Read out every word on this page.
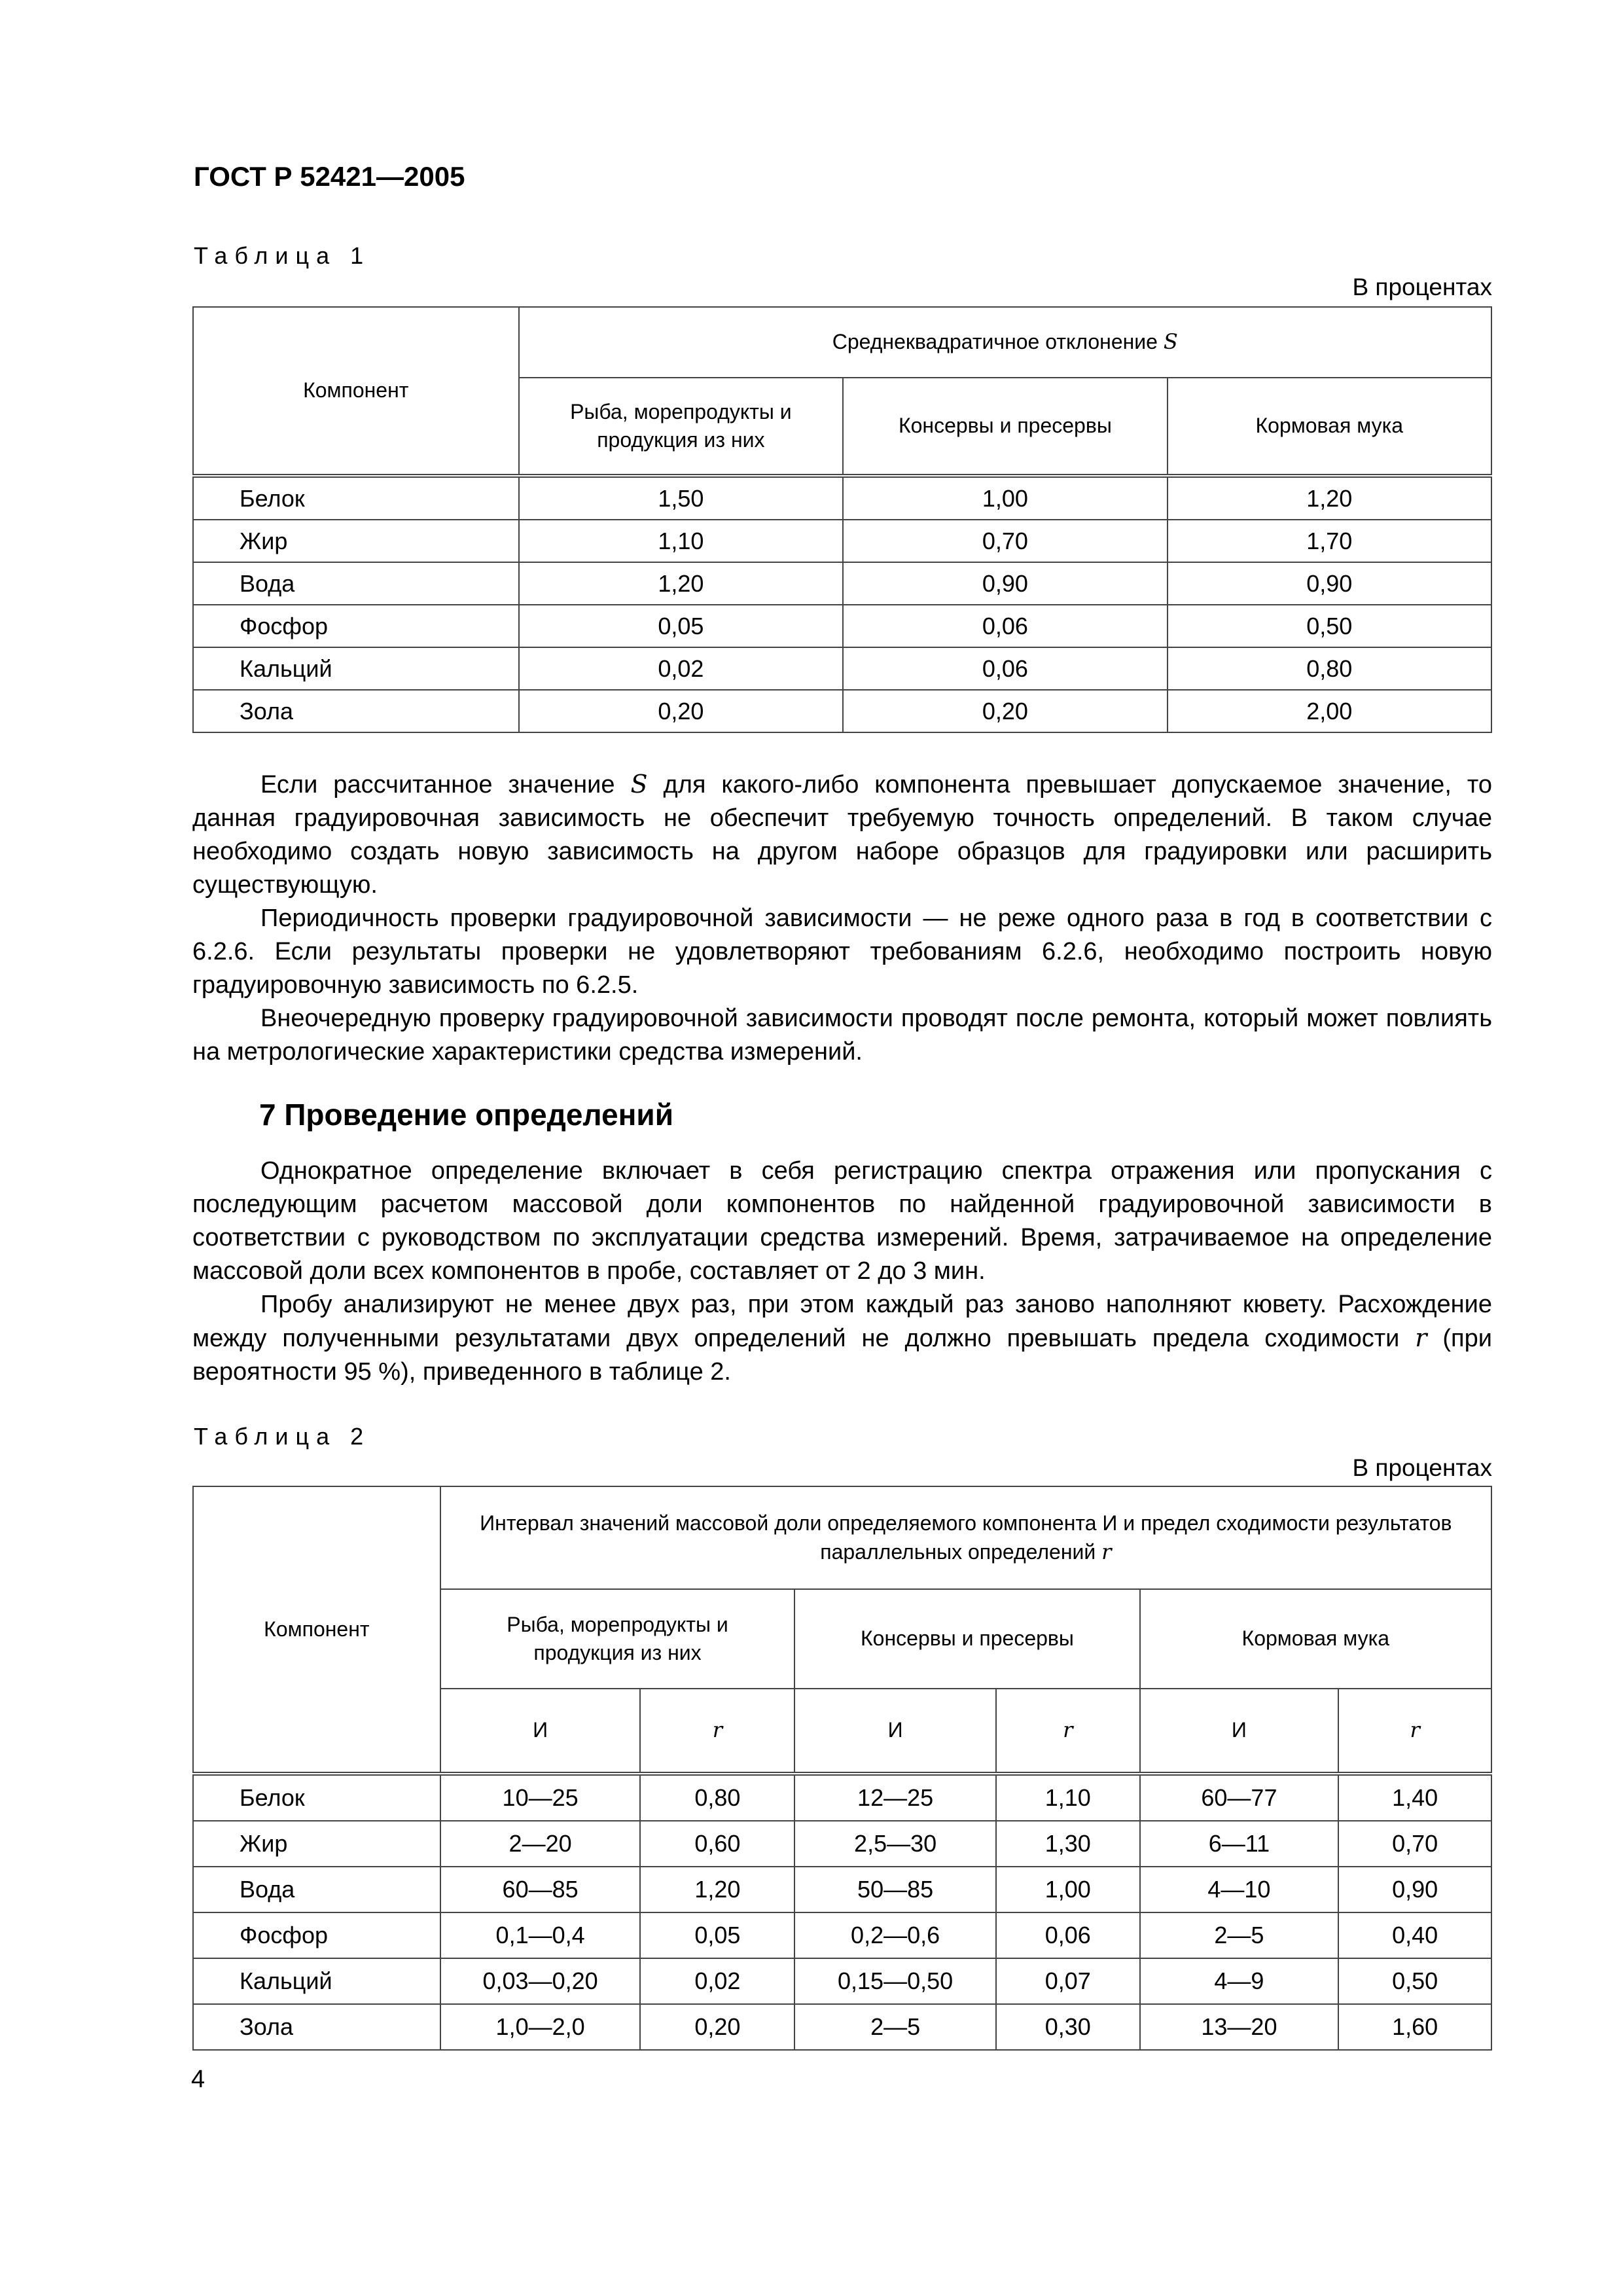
ГОСТ Р 52421—2005
Таблица 1
В процентах
Компонент	Среднеквадратичное отклонение S		
	Рыба, морепродукты и продукция из них	Консервы и пресервы	Кормовая мука
Белок	1,50	1,00	1,20
Жир	1,10	0,70	1,70
Вода	1,20	0,90	0,90
Фосфор	0,05	0,06	0,50
Кальций	0,02	0,06	0,80
Зола	0,20	0,20	2,00

Если рассчитанное значение S для какого-либо компонента превышает допускаемое значение, то данная градуировочная зависимость не обеспечит требуемую точность определений. В таком случае необходимо создать новую зависимость на другом наборе образцов для градуировки или расширить существующую.

Периодичность проверки градуировочной зависимости — не реже одного раза в год в соответствии с 6.2.6. Если результаты проверки не удовлетворяют требованиям 6.2.6, необходимо построить новую градуировочную зависимость по 6.2.5.

Внеочередную проверку градуировочной зависимости проводят после ремонта, который может повлиять на метрологические характеристики средства измерений.

7 Проведение определений

Однократное определение включает в себя регистрацию спектра отражения или пропускания с последующим расчетом массовой доли компонентов по найденной градуировочной зависимости в соответствии с руководством по эксплуатации средства измерений. Время, затрачиваемое на определение массовой доли всех компонентов в пробе, составляет от 2 до 3 мин.

Пробу анализируют не менее двух раз, при этом каждый раз заново наполняют кювету. Расхождение между полученными результатами двух определений не должно превышать предела сходимости r (при вероятности 95 %), приведенного в таблице 2.

Таблица 2
В процентах
Компонент	Интервал значений массовой доли определяемого компонента И и предел сходимости результатов параллельных определений r					
	Рыба, морепродукты и продукция из них		Консервы и пресервы		Кормовая мука	
	И	r	И	r	И	r
Белок	10—25	0,80	12—25	1,10	60—77	1,40
Жир	2—20	0,60	2,5—30	1,30	6—11	0,70
Вода	60—85	1,20	50—85	1,00	4—10	0,90
Фосфор	0,1—0,4	0,05	0,2—0,6	0,06	2—5	0,40
Кальций	0,03—0,20	0,02	0,15—0,50	0,07	4—9	0,50
Зола	1,0—2,0	0,20	2—5	0,30	13—20	1,60
4
